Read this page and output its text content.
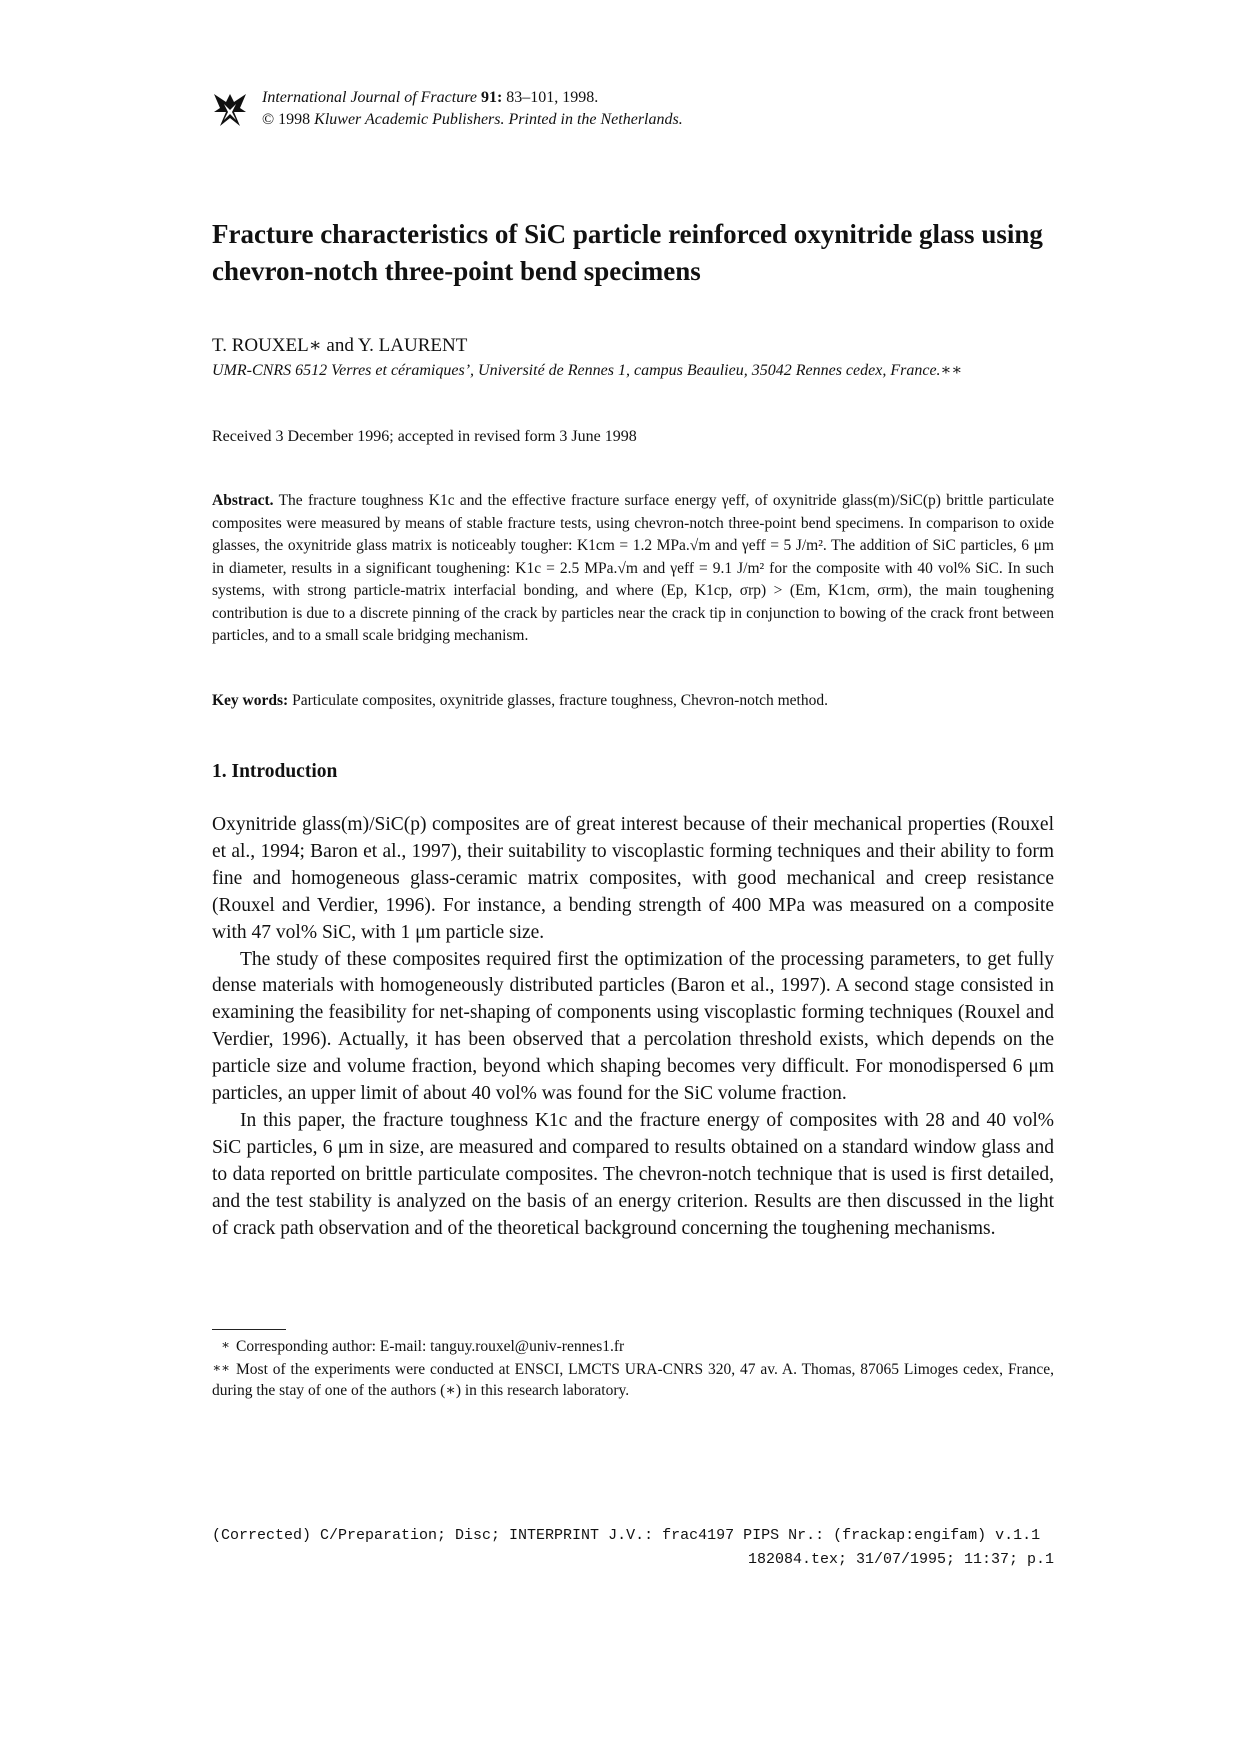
International Journal of Fracture 91: 83–101, 1998.
© 1998 Kluwer Academic Publishers. Printed in the Netherlands.
Fracture characteristics of SiC particle reinforced oxynitride glass using chevron-notch three-point bend specimens
T. ROUXEL∗ and Y. LAURENT
UMR-CNRS 6512 Verres et céramiques’, Université de Rennes 1, campus Beaulieu, 35042 Rennes cedex, France.∗∗
Received 3 December 1996; accepted in revised form 3 June 1998
Abstract. The fracture toughness K1c and the effective fracture surface energy γeff, of oxynitride glass(m)/SiC(p) brittle particulate composites were measured by means of stable fracture tests, using chevron-notch three-point bend specimens. In comparison to oxide glasses, the oxynitride glass matrix is noticeably tougher: K1cm = 1.2 MPa.√m and γeff = 5 J/m². The addition of SiC particles, 6 μm in diameter, results in a significant toughening: K1c = 2.5 MPa.√m and γeff = 9.1 J/m² for the composite with 40 vol% SiC. In such systems, with strong particle-matrix interfacial bonding, and where (Ep, K1cp, σrp) > (Em, K1cm, σrm), the main toughening contribution is due to a discrete pinning of the crack by particles near the crack tip in conjunction to bowing of the crack front between particles, and to a small scale bridging mechanism.
Key words: Particulate composites, oxynitride glasses, fracture toughness, Chevron-notch method.
1. Introduction

Oxynitride glass(m)/SiC(p) composites are of great interest because of their mechanical properties (Rouxel et al., 1994; Baron et al., 1997), their suitability to viscoplastic forming techniques and their ability to form fine and homogeneous glass-ceramic matrix composites, with good mechanical and creep resistance (Rouxel and Verdier, 1996). For instance, a bending strength of 400 MPa was measured on a composite with 47 vol% SiC, with 1 μm particle size.

The study of these composites required first the optimization of the processing parameters, to get fully dense materials with homogeneously distributed particles (Baron et al., 1997). A second stage consisted in examining the feasibility for net-shaping of components using viscoplastic forming techniques (Rouxel and Verdier, 1996). Actually, it has been observed that a percolation threshold exists, which depends on the particle size and volume fraction, beyond which shaping becomes very difficult. For monodispersed 6 μm particles, an upper limit of about 40 vol% was found for the SiC volume fraction.

In this paper, the fracture toughness K1c and the fracture energy of composites with 28 and 40 vol% SiC particles, 6 μm in size, are measured and compared to results obtained on a standard window glass and to data reported on brittle particulate composites. The chevron-notch technique that is used is first detailed, and the test stability is analyzed on the basis of an energy criterion. Results are then discussed in the light of crack path observation and of the theoretical background concerning the toughening mechanisms.

∗ Corresponding author: E-mail: tanguy.rouxel@univ-rennes1.fr

∗∗ Most of the experiments were conducted at ENSCI, LMCTS URA-CNRS 320, 47 av. A. Thomas, 87065 Limoges cedex, France, during the stay of one of the authors (∗) in this research laboratory.

(Corrected) C/Preparation; Disc; INTERPRINT J.V.: frac4197 PIPS Nr.: (frackap:engifam) v.1.1
182084.tex; 31/07/1995; 11:37; p.1
